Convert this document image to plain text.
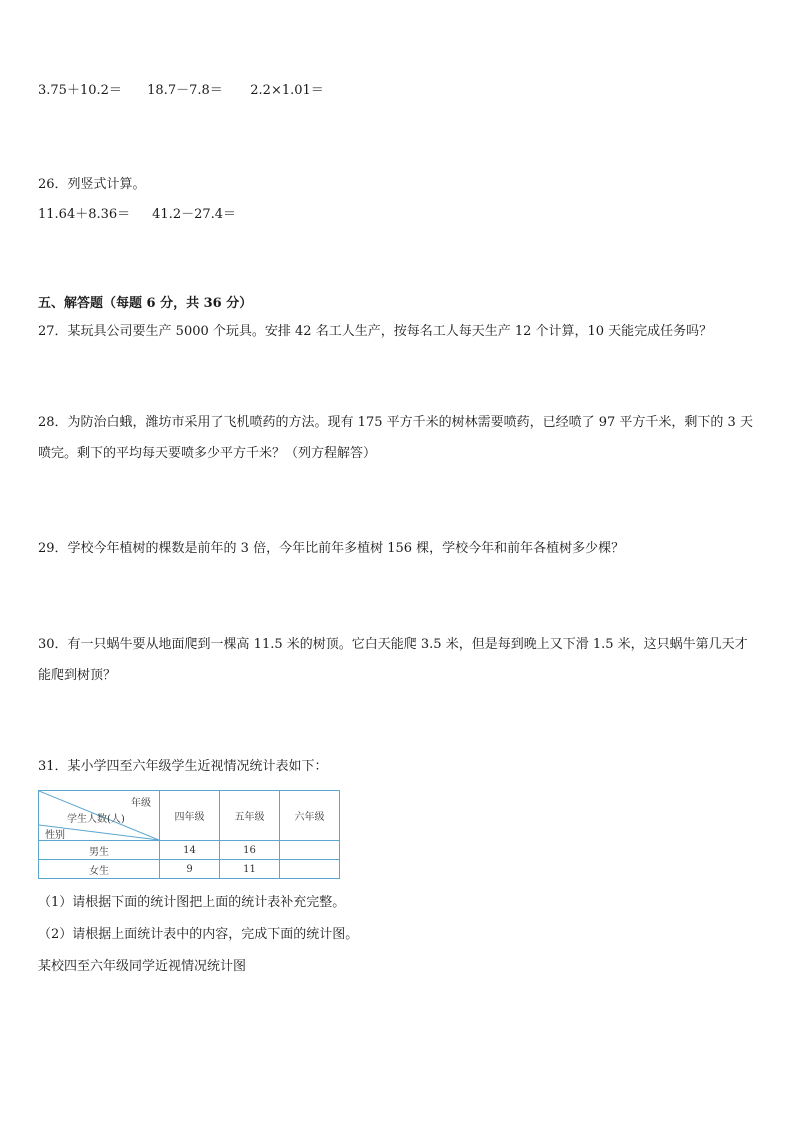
3.75＋10.2＝ 18.7－7.8＝ 2.2×1.01＝
26．列竖式计算。
11.64＋8.36＝ 41.2－27.4＝
五、解答题（每题 6 分，共 36 分）
27．某玩具公司要生产 5000 个玩具。安排 42 名工人生产，按每名工人每天生产 12 个计算，10 天能完成任务吗？
28．为防治白蛾，潍坊市采用了飞机喷药的方法。现有 175 平方千米的树林需要喷药，已经喷了 97 平方千米，剩下的 3 天喷完。剩下的平均每天要喷多少平方千米？（列方程解答）
29．学校今年植树的棵数是前年的 3 倍，今年比前年多植树 156 棵，学校今年和前年各植树多少棵？
30．有一只蜗牛要从地面爬到一棵高 11.5 米的树顶。它白天能爬 3.5 米，但是每到晚上又下滑 1.5 米，这只蜗牛第几天才能爬到树顶？
31．某小学四至六年级学生近视情况统计表如下：
年级
学生人数(人)
性别	四年级	五年级	六年级
男生	14	16	
女生	9	11	
（1）请根据下面的统计图把上面的统计表补充完整。
（2）请根据上面统计表中的内容，完成下面的统计图。
某校四至六年级同学近视情况统计图
